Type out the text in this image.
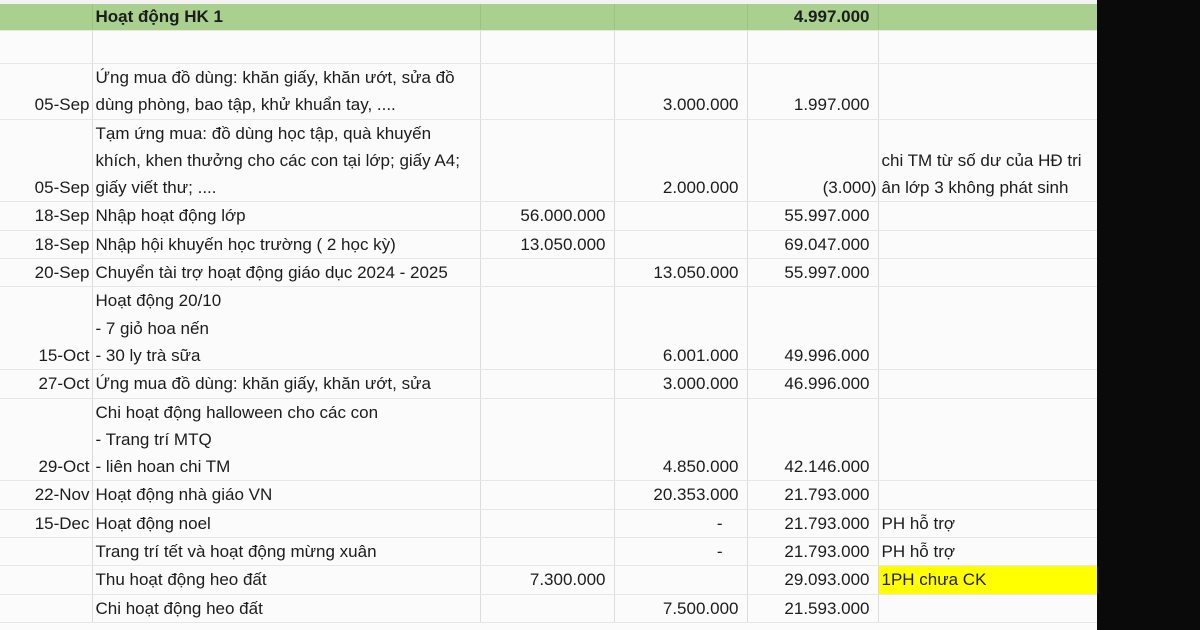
	Hoạt động HK 1			4.997.000	

05-Sep	Ứng mua đồ dùng: khăn giấy, khăn ướt, sửa đồ dùng phòng, bao tập, khử khuẩn tay, ....		3.000.000	1.997.000	
05-Sep	Tạm ứng mua: đồ dùng học tập, quà khuyến khích, khen thưởng cho các con tại lớp; giấy A4; giấy viết thư; ....		2.000.000	(3.000)	chi TM từ số dư của HĐ tri ân lớp 3 không phát sinh
18-Sep	Nhập hoạt động lớp	56.000.000		55.997.000	
18-Sep	Nhập hội khuyến học trường ( 2 học kỳ)	13.050.000		69.047.000	
20-Sep	Chuyển tài trợ hoạt động giáo dục 2024 - 2025		13.050.000	55.997.000	
15-Oct	Hoạt động 20/10
- 7 giỏ hoa nến
- 30 ly trà sữa		6.001.000	49.996.000	
27-Oct	Ứng mua đồ dùng: khăn giấy, khăn ướt, sửa		3.000.000	46.996.000	
29-Oct	Chi hoạt động halloween cho các con
- Trang trí MTQ
- liên hoan chi TM		4.850.000	42.146.000	
22-Nov	Hoạt động nhà giáo VN		20.353.000	21.793.000	
15-Dec	Hoạt động noel		-	21.793.000	PH hỗ trợ
	Trang trí tết và hoạt động mừng xuân		-	21.793.000	PH hỗ trợ
	Thu hoạt động heo đất	7.300.000		29.093.000	1PH chưa CK
	Chi hoạt động heo đất		7.500.000	21.593.000	
